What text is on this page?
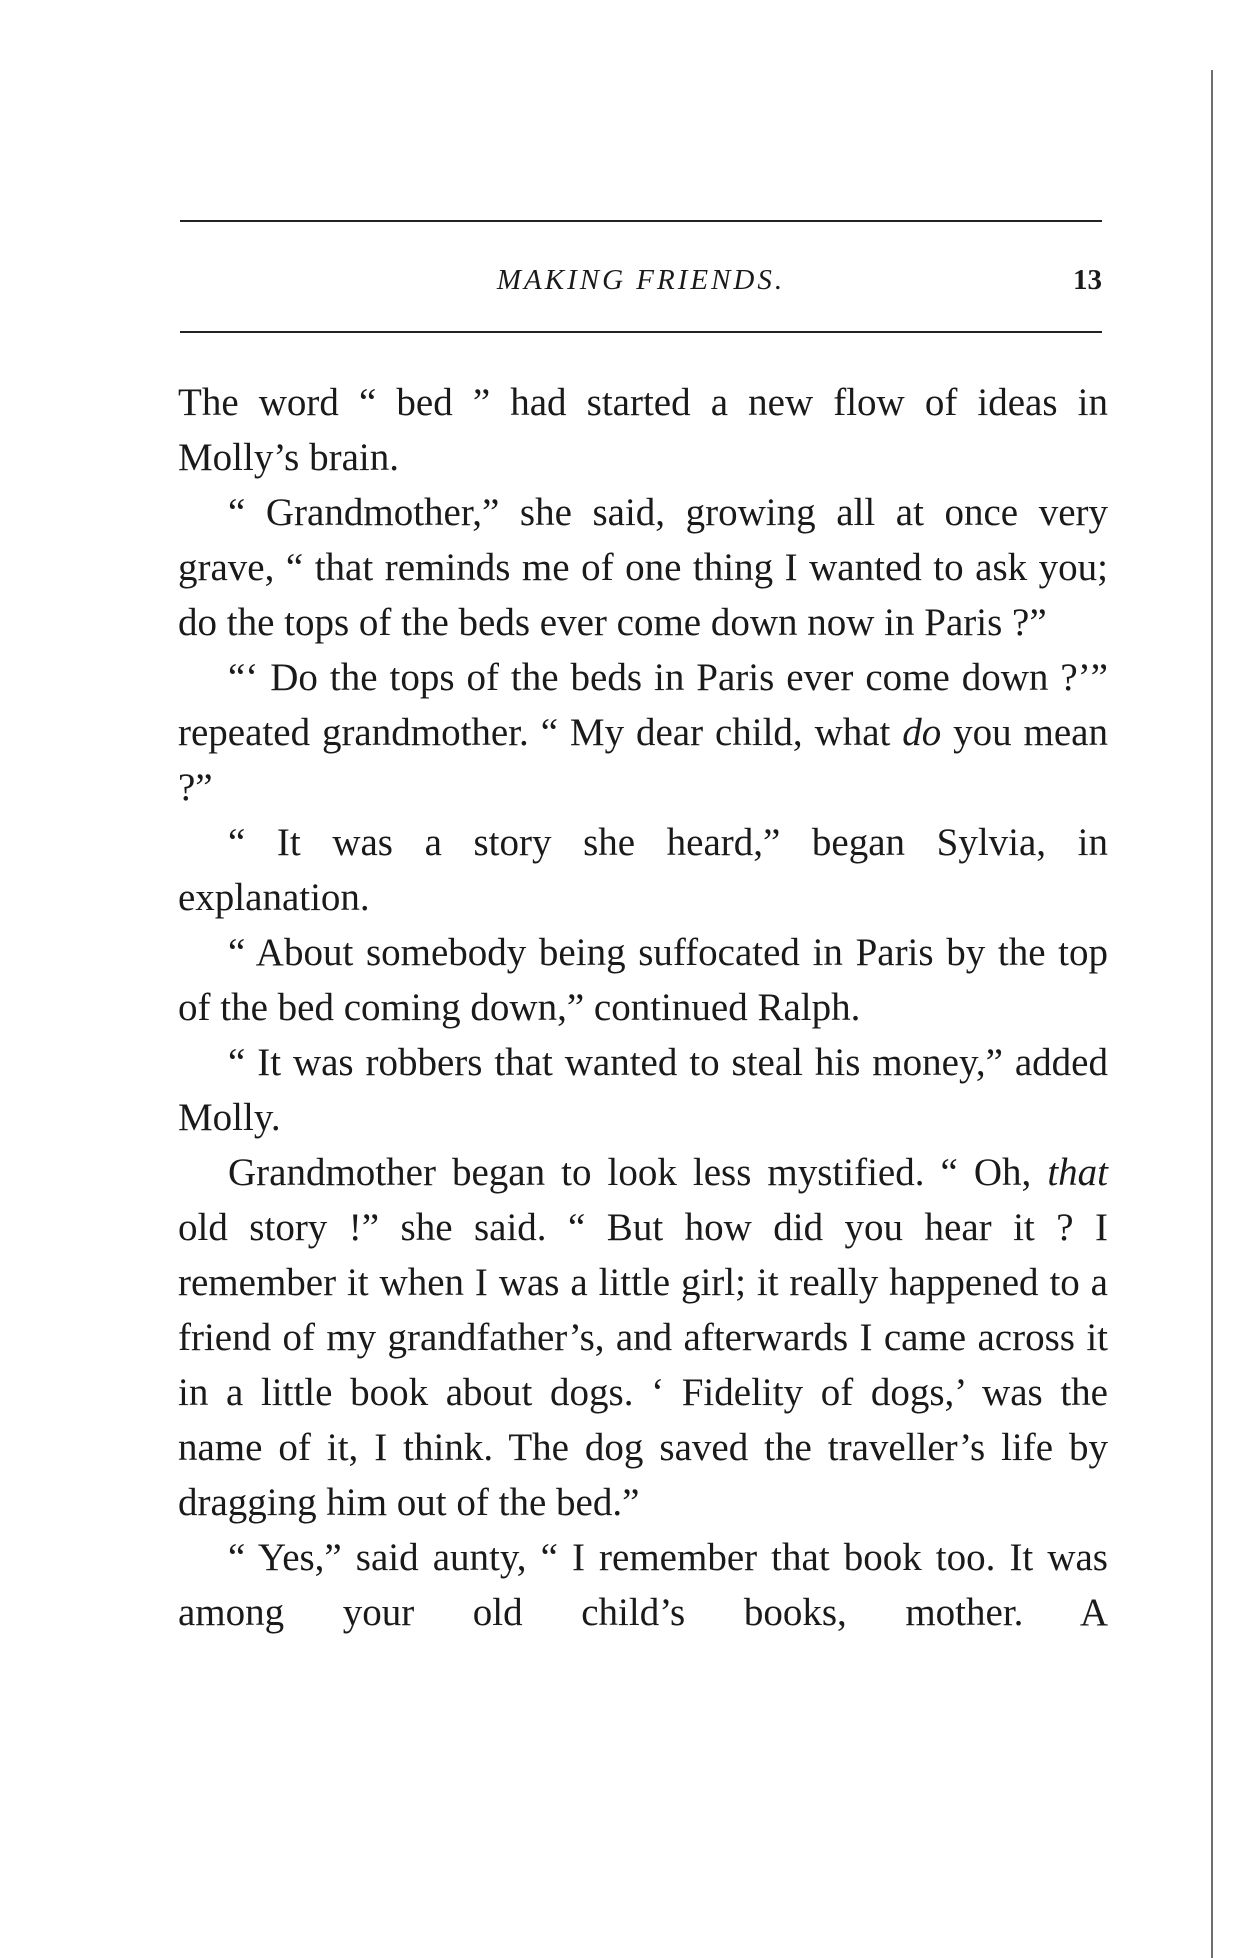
MAKING FRIENDS.	13

The word “ bed ” had started a new flow of ideas in Molly’s brain.

“ Grandmother,” she said, growing all at once very grave, “ that reminds me of one thing I wanted to ask you; do the tops of the beds ever come down now in Paris ?”

“‘ Do the tops of the beds in Paris ever come down ?’” repeated grandmother. “ My dear child, what do you mean ?”

“ It was a story she heard,” began Sylvia, in explanation.

“ About somebody being suffocated in Paris by the top of the bed coming down,” continued Ralph.

“ It was robbers that wanted to steal his money,” added Molly.

Grandmother began to look less mystified. “ Oh, that old story !” she said. “ But how did you hear it ? I remember it when I was a little girl; it really happened to a friend of my grandfather’s, and afterwards I came across it in a little book about dogs. ‘ Fidelity of dogs,’ was the name of it, I think. The dog saved the traveller’s life by dragging him out of the bed.”

“ Yes,” said aunty, “ I remember that book too. It was among your old child’s books, mother. A
